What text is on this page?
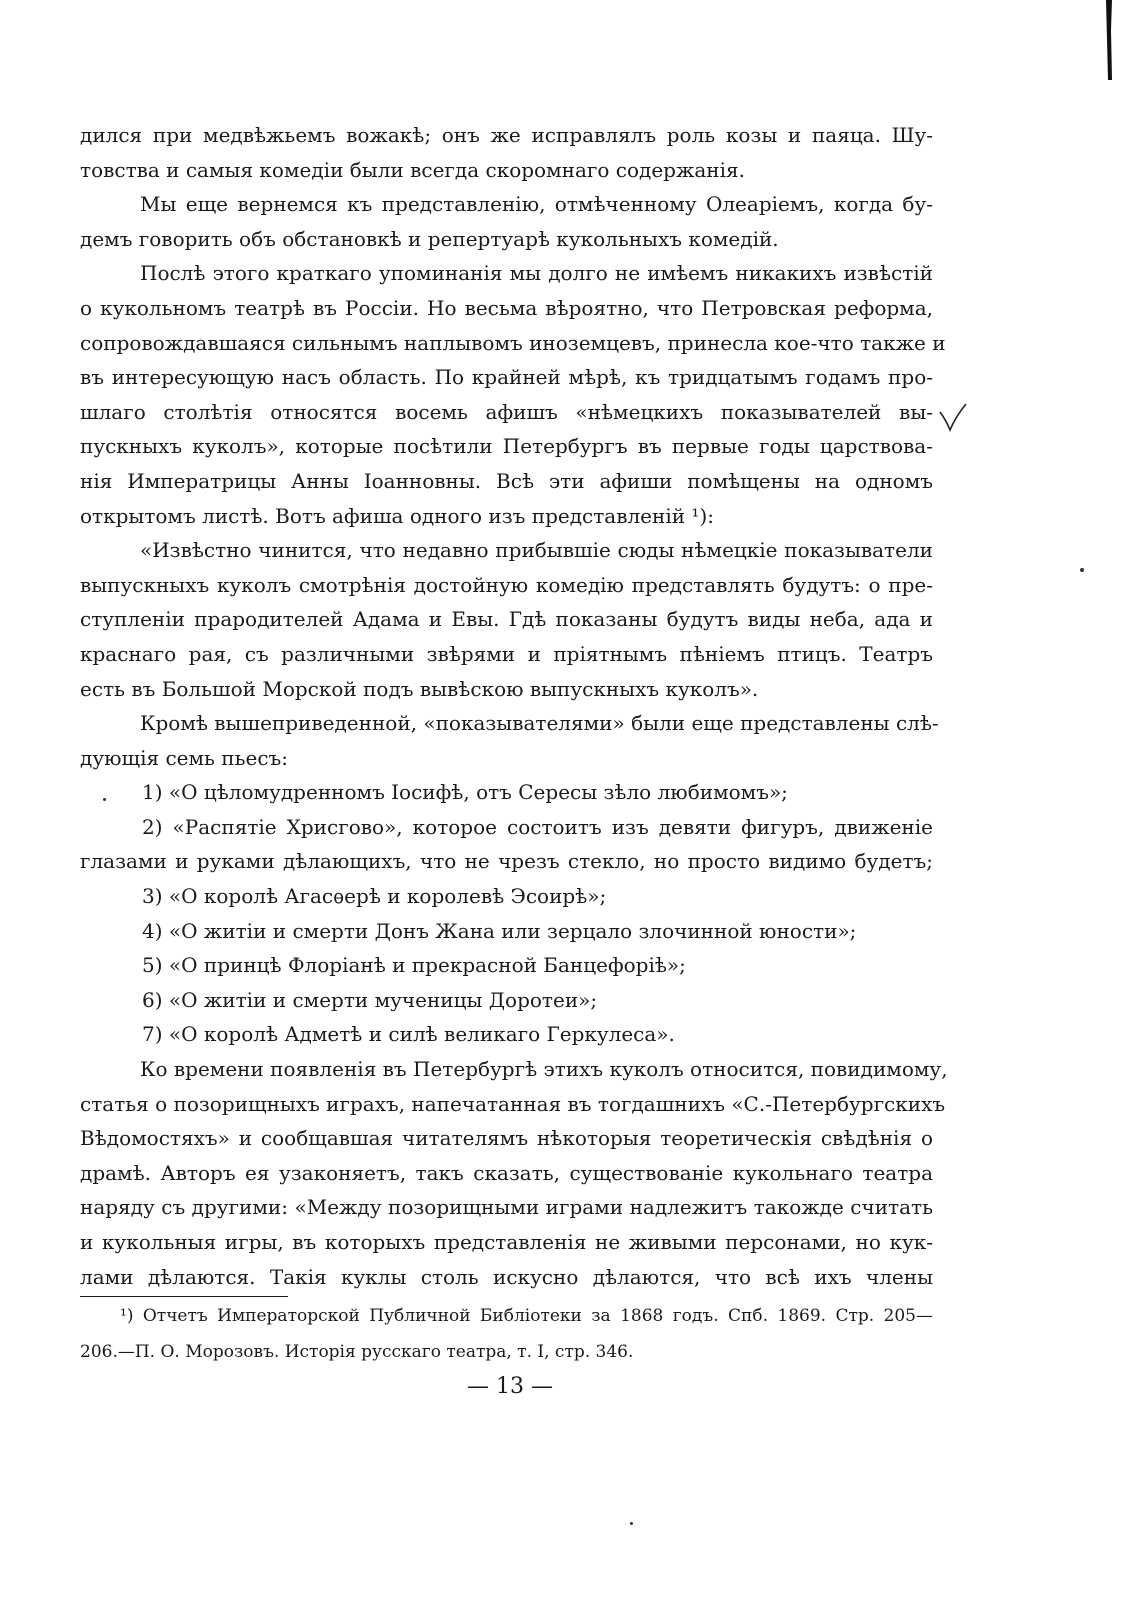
дился при медвѣжьемъ вожакѣ; онъ же исправлялъ роль козы и паяца. Шу-
товства и самыя комедіи были всегда скоромнаго содержанія.
Мы еще вернемся къ представленію, отмѣченному Олеаріемъ, когда бу-
демъ говорить объ обстановкѣ и репертуарѣ кукольныхъ комедій.
Послѣ этого краткаго упоминанія мы долго не имѣемъ никакихъ извѣстій
о кукольномъ театрѣ въ Россіи. Но весьма вѣроятно, что Петровская реформа,
сопровождавшаяся сильнымъ наплывомъ иноземцевъ, принесла кое-что также и
въ интересующую насъ область. По крайней мѣрѣ, къ тридцатымъ годамъ про-
шлаго столѣтія относятся восемь афишъ «нѣмецкихъ показывателей вы-
пускныхъ куколъ», которые посѣтили Петербургъ въ первые годы царствова-
нія Императрицы Анны Іоанновны. Всѣ эти афиши помѣщены на одномъ
открытомъ листѣ. Вотъ афиша одного изъ представленій ¹):
«Извѣстно чинится, что недавно прибывшіе сюды нѣмецкіе показыватели
выпускныхъ куколъ смотрѣнія достойную комедію представлять будутъ: о пре-
ступленіи прародителей Адама и Евы. Гдѣ показаны будутъ виды неба, ада и
краснаго рая, съ различными звѣрями и пріятнымъ пѣніемъ птицъ. Театръ
есть въ Большой Морской подъ вывѣскою выпускныхъ куколъ».
Кромѣ вышеприведенной, «показывателями» были еще представлены слѣ-
дующія семь пьесъ:
1) «О цѣломудренномъ Іосифѣ, отъ Сересы зѣло любимомъ»;
2) «Распятіе Хрисгово», которое состоитъ изъ девяти фигуръ, движеніе
глазами и руками дѣлающихъ, что не чрезъ стекло, но просто видимо будетъ;
3) «О королѣ Агасѳерѣ и королевѣ Эсоирѣ»;
4) «О житіи и смерти Донъ Жана или зерцало злочинной юности»;
5) «О принцѣ Флоріанѣ и прекрасной Банцефоріѣ»;
6) «О житіи и смерти мученицы Доротеи»;
7) «О королѣ Адметѣ и силѣ великаго Геркулеса».
Ко времени появленія въ Петербургѣ этихъ куколъ относится, повидимому,
статья о позорищныхъ играхъ, напечатанная въ тогдашнихъ «С.-Петербургскихъ
Вѣдомостяхъ» и сообщавшая читателямъ нѣкоторыя теоретическія свѣдѣнія о
драмѣ. Авторъ ея узаконяетъ, такъ сказать, существованіе кукольнаго театра
наряду съ другими: «Между позорищными играми надлежитъ такожде считать
и кукольныя игры, въ которыхъ представленія не живыми персонами, но кук-
лами дѣлаются. Такія куклы столь искусно дѣлаются, что всѣ ихъ члены
¹) Отчетъ Императорской Публичной Библіотеки за 1868 годъ. Спб. 1869. Стр. 205—
206.—П. О. Морозовъ. Исторія русскаго театра, т. I, стр. 346.
— 13 —
